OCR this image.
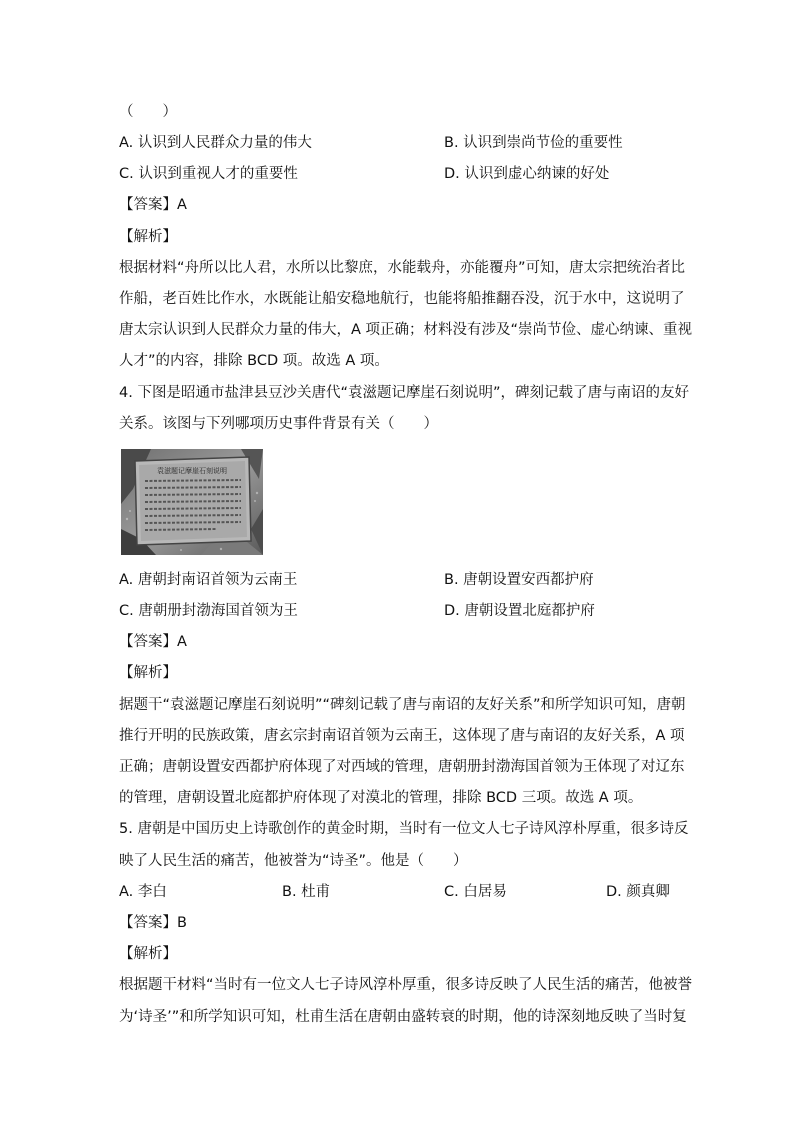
（　　）
A. 认识到人民群众力量的伟大	B. 认识到崇尚节俭的重要性
C. 认识到重视人才的重要性	D. 认识到虚心纳谏的好处
【答案】A
【解析】
根据材料“舟所以比人君，水所以比黎庶，水能载舟，亦能覆舟”可知，唐太宗把统治者比
作船，老百姓比作水，水既能让船安稳地航行，也能将船推翻吞没，沉于水中，这说明了
唐太宗认识到人民群众力量的伟大，A 项正确；材料没有涉及“崇尚节俭、虚心纳谏、重视
人才”的内容，排除 BCD 项。故选 A 项。
4. 下图是昭通市盐津县豆沙关唐代“袁滋题记摩崖石刻说明”，碑刻记载了唐与南诏的友好
关系。该图与下列哪项历史事件背景有关（　　）
袁滋题记摩崖石刻说明
A. 唐朝封南诏首领为云南王	B. 唐朝设置安西都护府
C. 唐朝册封渤海国首领为王	D. 唐朝设置北庭都护府
【答案】A
【解析】
据题干“袁滋题记摩崖石刻说明”“碑刻记载了唐与南诏的友好关系”和所学知识可知，唐朝
推行开明的民族政策，唐玄宗封南诏首领为云南王，这体现了唐与南诏的友好关系，A 项
正确；唐朝设置安西都护府体现了对西域的管理，唐朝册封渤海国首领为王体现了对辽东
的管理，唐朝设置北庭都护府体现了对漠北的管理，排除 BCD 三项。故选 A 项。
5. 唐朝是中国历史上诗歌创作的黄金时期，当时有一位文人七子诗风淳朴厚重，很多诗反
映了人民生活的痛苦，他被誉为“诗圣”。他是（　　）
A. 李白	B. 杜甫	C. 白居易	D. 颜真卿
【答案】B
【解析】
根据题干材料“当时有一位文人七子诗风淳朴厚重，很多诗反映了人民生活的痛苦，他被誉
为‘诗圣’”和所学知识可知，杜甫生活在唐朝由盛转衰的时期，他的诗深刻地反映了当时复
